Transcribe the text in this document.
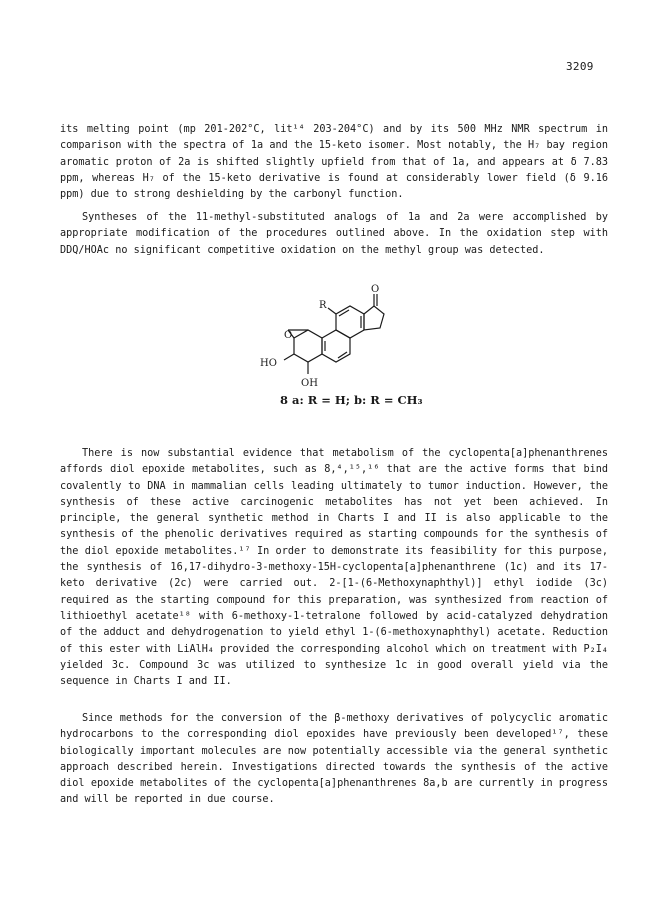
3209

its melting point (mp 201-202°C, lit¹⁴ 203-204°C) and by its 500 MHz NMR spectrum in comparison with the spectra of 1a and the 15-keto isomer. Most notably, the H₇ bay region aromatic proton of 2a is shifted slightly upfield from that of 1a, and appears at δ 7.83 ppm, whereas H₇ of the 15-keto derivative is found at considerably lower field (δ 9.16 ppm) due to strong deshielding by the carbonyl function.

Syntheses of the 11-methyl-substituted analogs of 1a and 2a were accomplished by appropriate modification of the procedures outlined above. In the oxidation step with DDQ/HOAc no significant competitive oxidation on the methyl group was detected.

R
O
O
HO
OH
8 a: R = H; b: R = CH₃

There is now substantial evidence that metabolism of the cyclopenta[a]phenanthrenes affords diol epoxide metabolites, such as 8,⁴,¹⁵,¹⁶ that are the active forms that bind covalently to DNA in mammalian cells leading ultimately to tumor induction. However, the synthesis of these active carcinogenic metabolites has not yet been achieved. In principle, the general synthetic method in Charts I and II is also applicable to the synthesis of the phenolic derivatives required as starting compounds for the synthesis of the diol epoxide metabolites.¹⁷ In order to demonstrate its feasibility for this purpose, the synthesis of 16,17-dihydro-3-methoxy-15H-cyclopenta[a]phenanthrene (1c) and its 17-keto derivative (2c) were carried out. 2-[1-(6-Methoxynaphthyl)] ethyl iodide (3c) required as the starting compound for this preparation, was synthesized from reaction of lithioethyl acetate¹⁸ with 6-methoxy-1-tetralone followed by acid-catalyzed dehydration of the adduct and dehydrogenation to yield ethyl 1-(6-methoxynaphthyl) acetate. Reduction of this ester with LiAlH₄ provided the corresponding alcohol which on treatment with P₂I₄ yielded 3c. Compound 3c was utilized to synthesize 1c in good overall yield via the sequence in Charts I and II.

Since methods for the conversion of the β-methoxy derivatives of polycyclic aromatic hydrocarbons to the corresponding diol epoxides have previously been developed¹⁷, these biologically important molecules are now potentially accessible via the general synthetic approach described herein. Investigations directed towards the synthesis of the active diol epoxide metabolites of the cyclopenta[a]phenanthrenes 8a,b are currently in progress and will be reported in due course.
